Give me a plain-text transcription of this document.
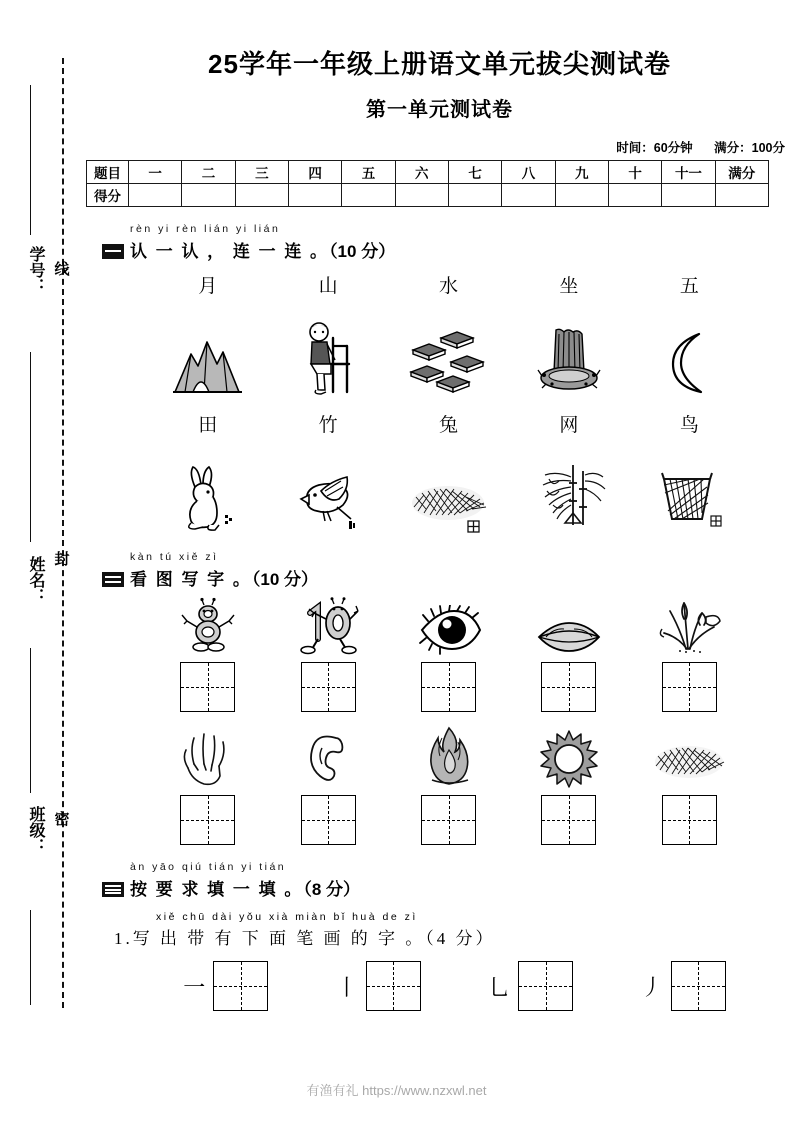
学号：
姓名：
班级：
线
封
密
25学年一年级上册语文单元拔尖测试卷
第一单元测试卷
时间：60分钟 满分：100分
题目	一	二	三	四	五	六	七	八	九	十	十一	满分
得分												
rèn yi rèn lián yi lián
认 一 认 ， 连 一 连 。（10 分）
月	山	水	坐	五
田	竹	兔	网	鸟
kàn tú xiě zì
看 图 写 字 。（10 分）
àn yāo qiú tián yi tián
按 要 求 填 一 填 。（8 分）
xiě chū dài yǒu xià miàn bǐ huà de zì
1.写 出 带 有 下 面 笔 画 的 字 。（4 分）
一	丨	乚	丿
有渔有礼 https://www.nzxwl.net
